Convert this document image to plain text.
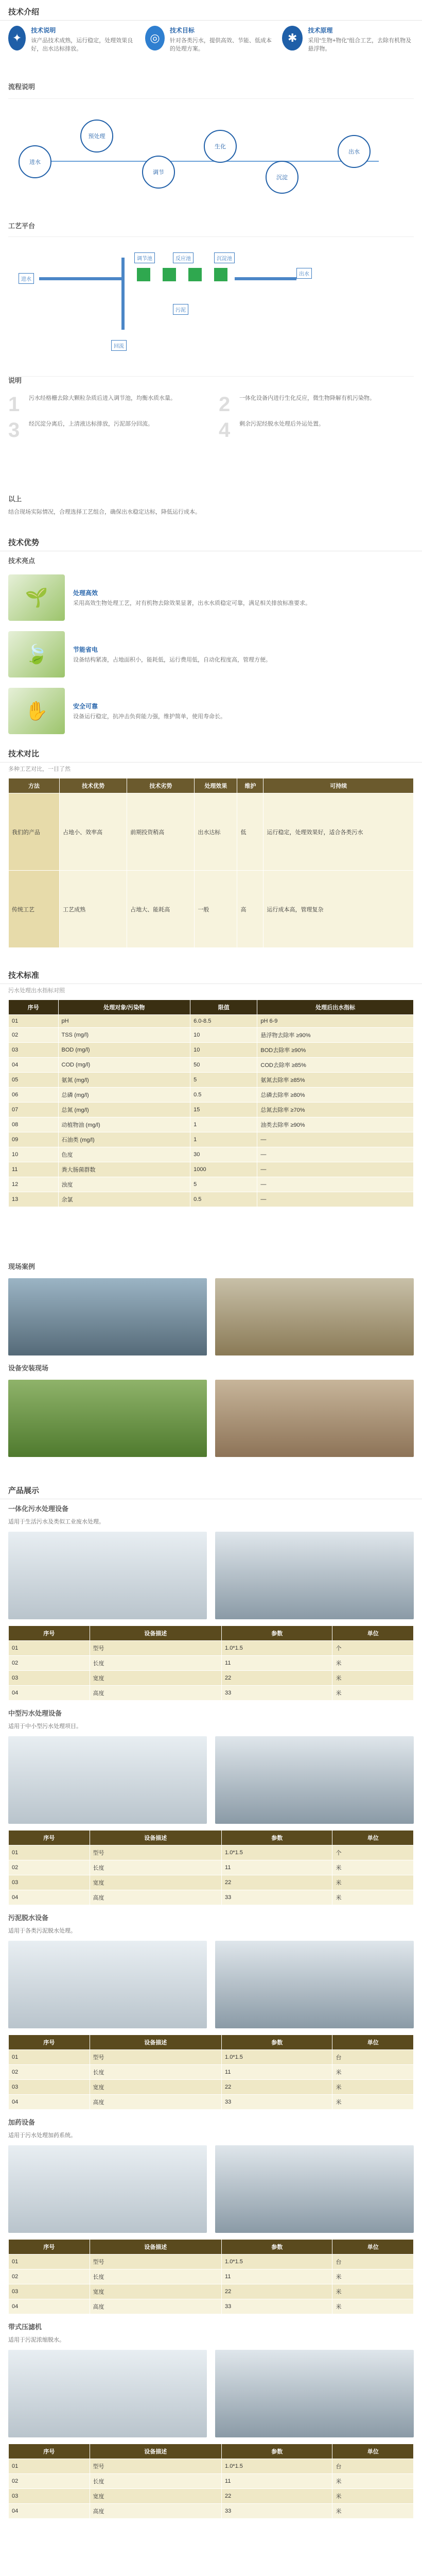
技术介绍
✦
技术说明
该产品技术成熟，运行稳定，处理效果良好，出水达标排放。
◎
技术目标
针对各类污水，提供高效、节能、低成本的处理方案。
✱
技术原理
采用“生物+物化”组合工艺，去除有机物及悬浮物。
流程说明
进水
预处理
调节
生化
沉淀
出水
工艺平台
进水
调节池	反应池	沉淀池
污泥
回流
出水
说明
1	污水经格栅去除大颗粒杂质后进入调节池，均衡水质水量。 2	一体化设备内进行生化反应，微生物降解有机污染物。
3	经沉淀分离后，上清液达标排放，污泥部分回流。	4	剩余污泥经脱水处理后外运处置。
以上
结合现场实际情况，合理选择工艺组合，确保出水稳定达标，降低运行成本。
技术优势
技术亮点
🌱	处理高效
采用高效生物处理工艺，对有机物去除效果显著，出水水质稳定可靠，满足相关排放标准要求。
🍃	节能省电
设备结构紧凑，占地面积小，能耗低，运行费用低，自动化程度高，管理方便。
✋	安全可靠
设备运行稳定，抗冲击负荷能力强，维护简单，使用寿命长。
技术对比
多种工艺对比，一目了然
方法	技术优势	技术劣势	处理效果	维护	可持续
我们的产品	占地小、效率高	前期投资稍高	出水达标	低	运行稳定，处理效果好，适合各类污水
传统工艺	工艺成熟	占地大、能耗高	一般	高	运行成本高，管理复杂
技术标准
污水处理出水指标对照
序号	处理对象/污染物	限值	处理后出水指标
01	pH	6.0-8.5	pH 6-9
02	TSS (mg/l)	10	悬浮物去除率 ≥90%
03	BOD (mg/l)	10	BOD去除率 ≥90%
04	COD (mg/l)	50	COD去除率 ≥85%
05	氨氮 (mg/l)	5	氨氮去除率 ≥85%
06	总磷 (mg/l)	0.5	总磷去除率 ≥80%
07	总氮 (mg/l)	15	总氮去除率 ≥70%
08	动植物油 (mg/l)	1	油类去除率 ≥90%
09	石油类 (mg/l)	1	—
10	色度	30	—
11	粪大肠菌群数	1000	—
12	浊度	5	—
13	余氯	0.5	—
现场案例
设备安装现场
产品展示
一体化污水处理设备
适用于生活污水及类似工业废水处理。
序号	设备描述	参数	单位
01	型号	1.0*1.5	个
02	长度	11	米
03	宽度	22	米
04	高度	33	米
中型污水处理设备
适用于中小型污水处理项目。
序号	设备描述	参数	单位
01	型号	1.0*1.5	个
02	长度	11	米
03	宽度	22	米
04	高度	33	米
污泥脱水设备
适用于各类污泥脱水处理。
序号	设备描述	参数	单位
01	型号	1.0*1.5	台
02	长度	11	米
03	宽度	22	米
04	高度	33	米
加药设备
适用于污水处理加药系统。
序号	设备描述	参数	单位
01	型号	1.0*1.5	台
02	长度	11	米
03	宽度	22	米
04	高度	33	米
带式压滤机
适用于污泥浓缩脱水。
序号	设备描述	参数	单位
01	型号	1.0*1.5	台
02	长度	11	米
03	宽度	22	米
04	高度	33	米
